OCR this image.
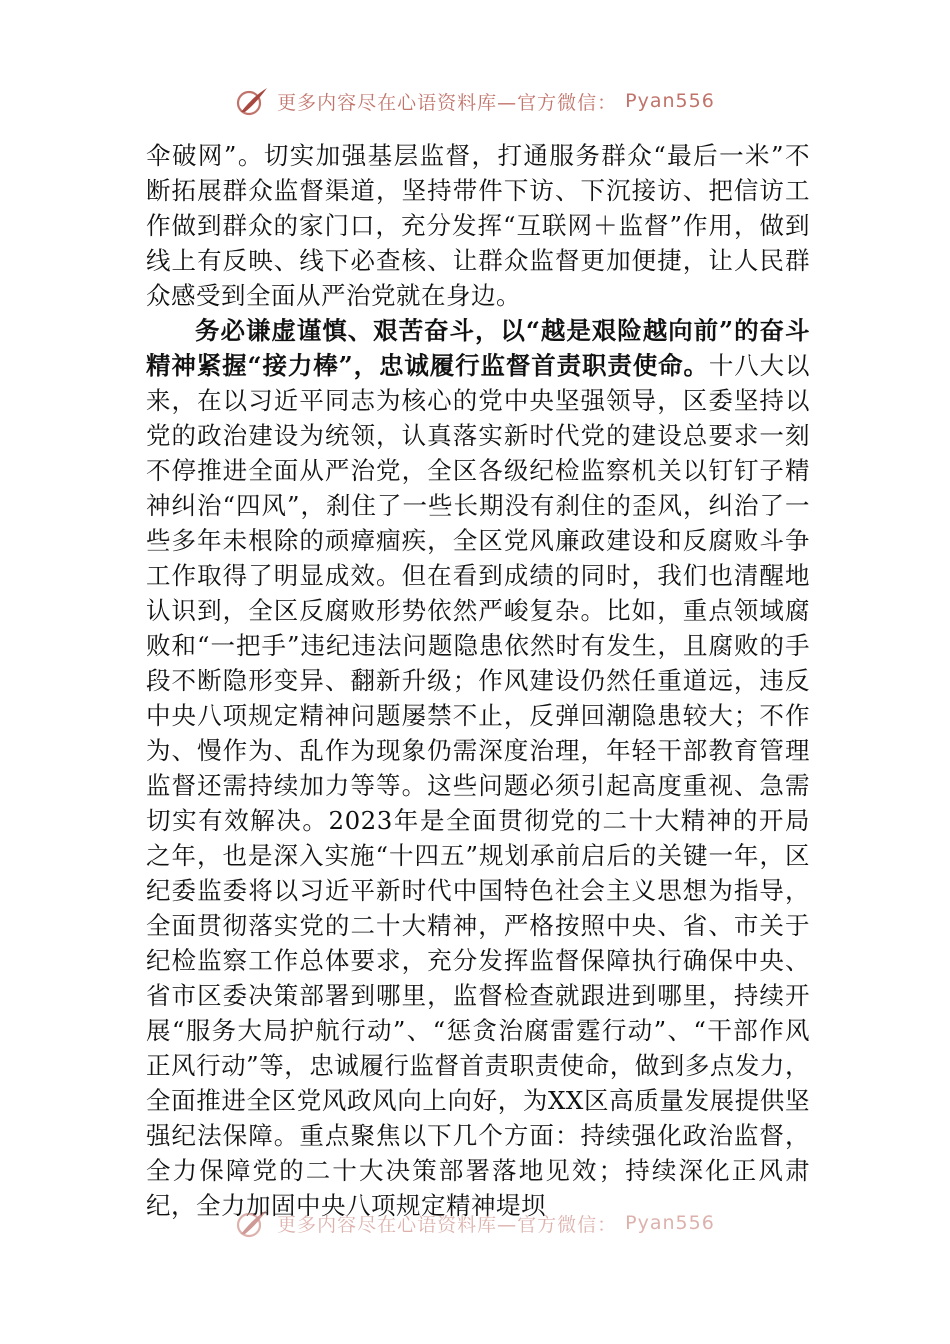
更多内容尽在心语资料库—官方微信： Pyan556

伞破网”。切实加强基层监督，打通服务群众“最后一米”不断拓展群众监督渠道，坚持带件下访、下沉接访、把信访工作做到群众的家门口，充分发挥“互联网＋监督”作用，做到线上有反映、线下必查核、让群众监督更加便捷，让人民群众感受到全面从严治党就在身边。

务必谦虚谨慎、艰苦奋斗，以“越是艰险越向前”的奋斗精神紧握“接力棒”，忠诚履行监督首责职责使命。十八大以来，在以习近平同志为核心的党中央坚强领导，区委坚持以党的政治建设为统领，认真落实新时代党的建设总要求一刻不停推进全面从严治党，全区各级纪检监察机关以钉钉子精神纠治“四风”，刹住了一些长期没有刹住的歪风，纠治了一些多年未根除的顽瘴痼疾，全区党风廉政建设和反腐败斗争工作取得了明显成效。但在看到成绩的同时，我们也清醒地认识到，全区反腐败形势依然严峻复杂。比如，重点领域腐败和“一把手”违纪违法问题隐患依然时有发生，且腐败的手段不断隐形变异、翻新升级；作风建设仍然任重道远，违反中央八项规定精神问题屡禁不止，反弹回潮隐患较大；不作为、慢作为、乱作为现象仍需深度治理，年轻干部教育管理监督还需持续加力等等。这些问题必须引起高度重视、急需切实有效解决。2023年是全面贯彻党的二十大精神的开局之年，也是深入实施“十四五”规划承前启后的关键一年，区纪委监委将以习近平新时代中国特色社会主义思想为指导，全面贯彻落实党的二十大精神，严格按照中央、省、市关于纪检监察工作总体要求，充分发挥监督保障执行确保中央、省市区委决策部署到哪里，监督检查就跟进到哪里，持续开展“服务大局护航行动”、“惩贪治腐雷霆行动”、“干部作风正风行动”等，忠诚履行监督首责职责使命，做到多点发力，全面推进全区党风政风向上向好，为XX区高质量发展提供坚强纪法保障。重点聚焦以下几个方面：持续强化政治监督，全力保障党的二十大决策部署落地见效；持续深化正风肃纪，全力加固中央八项规定精神堤坝

更多内容尽在心语资料库—官方微信： Pyan556
